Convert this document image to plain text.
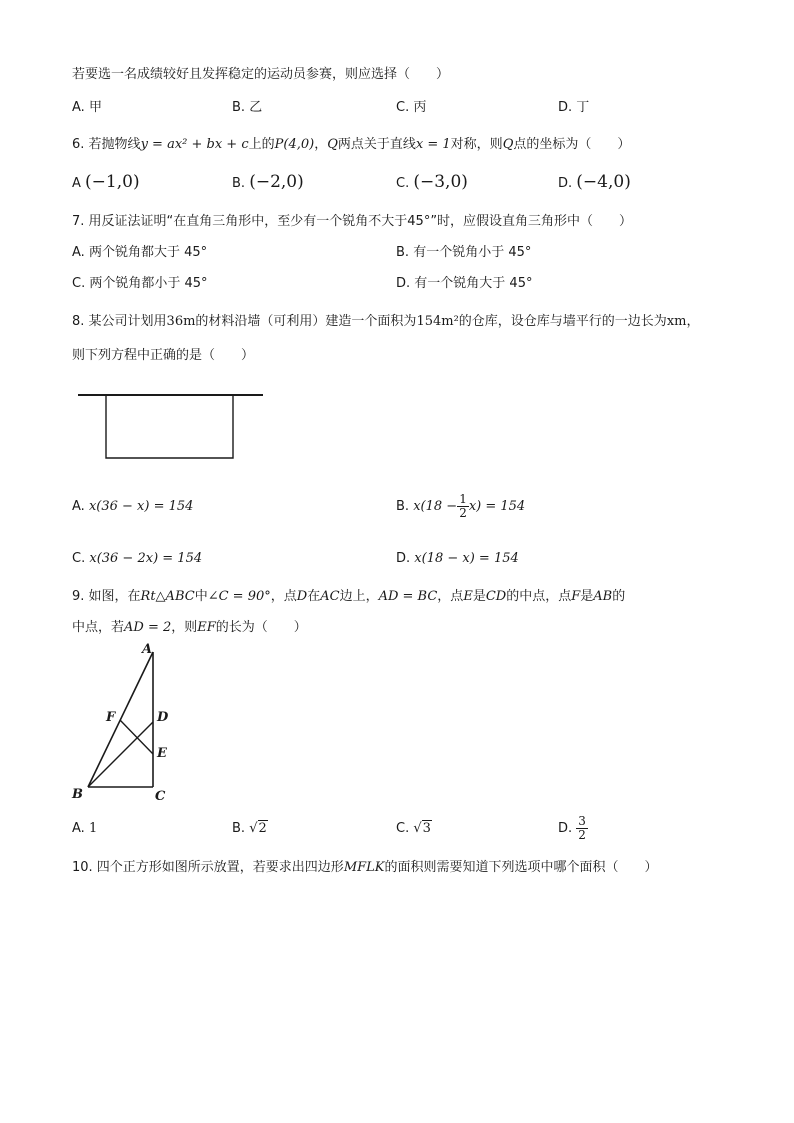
若要选一名成绩较好且发挥稳定的运动员参赛，则应选择（　　）
A. 甲	B. 乙	C. 丙	D. 丁
6. 若抛物线y = ax² + bx + c上的P(4,0)，Q两点关于直线x = 1对称，则Q点的坐标为（　　）
A (−1,0)	B. (−2,0)	C. (−3,0)	D. (−4,0)
7. 用反证法证明“在直角三角形中，至少有一个锐角不大于45°”时，应假设直角三角形中（　　）
A. 两个锐角都大于 45°	B. 有一个锐角小于 45°
C. 两个锐角都小于 45°	D. 有一个锐角大于 45°
8. 某公司计划用36m的材料沿墙（可利用）建造一个面积为154m²的仓库，设仓库与墙平行的一边长为xm，
则下列方程中正确的是（　　）
A. x(36 − x) = 154	B. $x(18 - \frac{1}{2} x) = 154$
C. x(36 − 2x) = 154	D. x(18 − x) = 154
9. 如图，在Rt△ABC中∠C = 90°，点D在AC边上，AD = BC，点E是CD的中点，点F是AB的
中点，若AD = 2，则EF的长为（　　）
A
B	C
D
E
F
A. 1	B. √2	C. √3	D. $\frac{3}{2}$
10. 四个正方形如图所示放置，若要求出四边形MFLK的面积则需要知道下列选项中哪个面积（　　）
